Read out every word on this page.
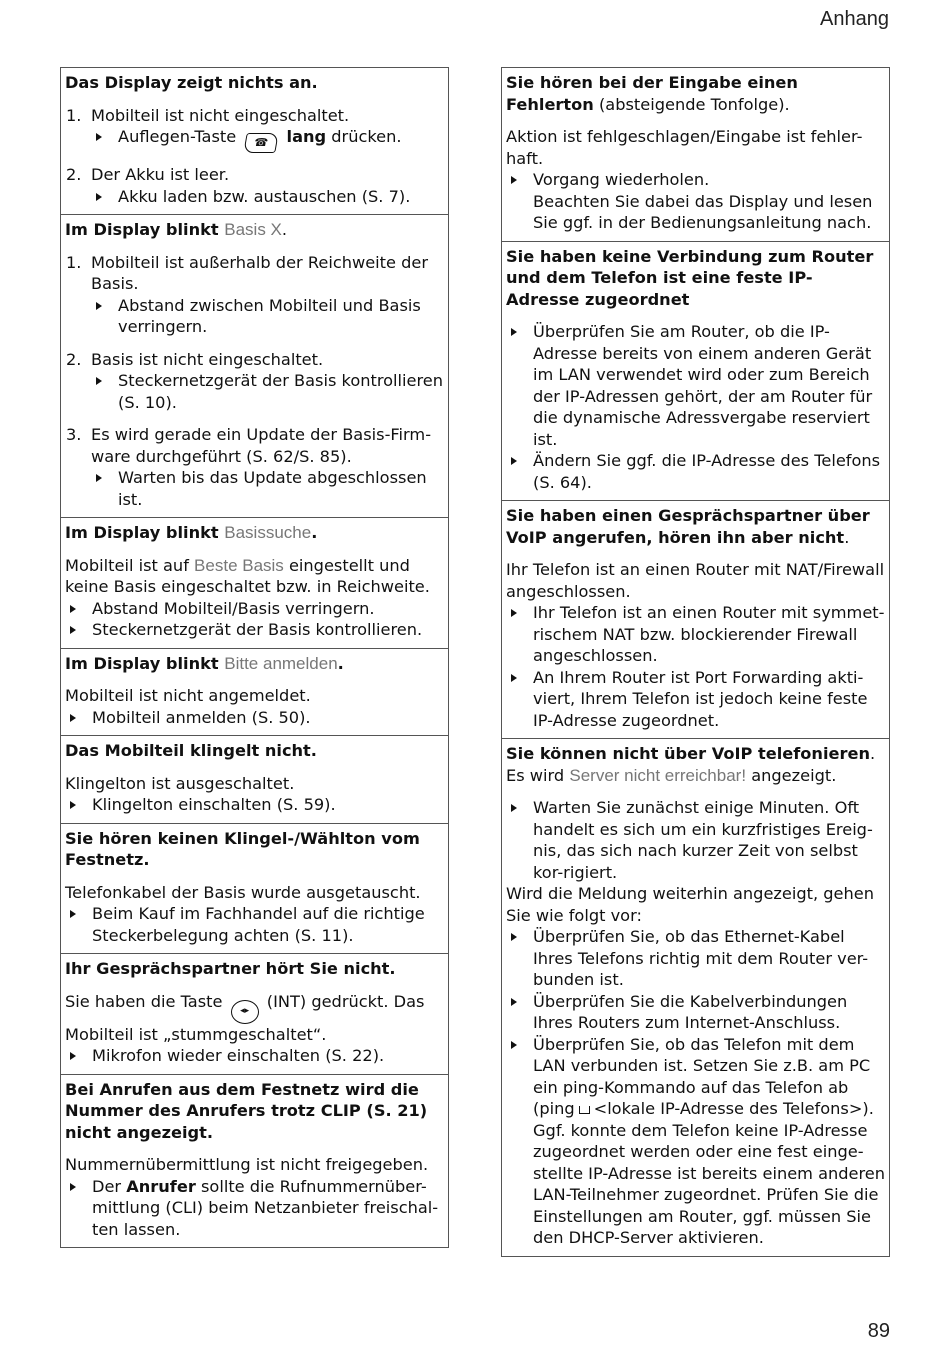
Anhang

Das Display zeigt nichts an.

1. Mobilteil ist nicht eingeschaltet.

Auflegen-Taste ☎ lang drücken.

2. Der Akku ist leer.

Akku laden bzw. austauschen (S. 7).

Im Display blinkt Basis X.

1. Mobilteil ist außerhalb der Reichweite der Basis.

Abstand zwischen Mobilteil und Basis verringern.

2. Basis ist nicht eingeschaltet.

Steckernetzgerät der Basis kontrollieren (S. 10).

3. Es wird gerade ein Update der Basis-Firm-ware durchgeführt (S. 62/S. 85).

Warten bis das Update abgeschlossen ist.

Im Display blinkt Basissuche.

Mobilteil ist auf Beste Basis eingestellt und keine Basis eingeschaltet bzw. in Reichweite.

Abstand Mobilteil/Basis verringern.

Steckernetzgerät der Basis kontrollieren.

Im Display blinkt Bitte anmelden.

Mobilteil ist nicht angemeldet.

Mobilteil anmelden (S. 50).

Das Mobilteil klingelt nicht.

Klingelton ist ausgeschaltet.

Klingelton einschalten (S. 59).

Sie hören keinen Klingel-/Wählton vom Festnetz.

Telefonkabel der Basis wurde ausgetauscht.

Beim Kauf im Fachhandel auf die richtige Steckerbelegung achten (S. 11).

Ihr Gesprächspartner hört Sie nicht.

Sie haben die Taste ◂▸ (INT) gedrückt. Das Mobilteil ist „stummgeschaltet“.

Mikrofon wieder einschalten (S. 22).

Bei Anrufen aus dem Festnetz wird die Nummer des Anrufers trotz CLIP (S. 21) nicht angezeigt.

Nummernübermittlung ist nicht freigegeben.

Der Anrufer sollte die Rufnummernüber-mittlung (CLI) beim Netzanbieter freischal-ten lassen.

Sie hören bei der Eingabe einen Fehlerton (absteigende Tonfolge).

Aktion ist fehlgeschlagen/Eingabe ist fehler-haft.

Vorgang wiederholen.

Beachten Sie dabei das Display und lesen Sie ggf. in der Bedienungsanleitung nach.

Sie haben keine Verbindung zum Router und dem Telefon ist eine feste IP-Adresse zugeordnet

Überprüfen Sie am Router, ob die IP-Adresse bereits von einem anderen Gerät im LAN verwendet wird oder zum Bereich der IP-Adressen gehört, der am Router für die dynamische Adressvergabe reserviert ist.

Ändern Sie ggf. die IP-Adresse des Telefons (S. 64).

Sie haben einen Gesprächspartner über VoIP angerufen, hören ihn aber nicht.

Ihr Telefon ist an einen Router mit NAT/Firewall angeschlossen.

Ihr Telefon ist an einen Router mit symmet-rischem NAT bzw. blockierender Firewall angeschlossen.

An Ihrem Router ist Port Forwarding akti-viert, Ihrem Telefon ist jedoch keine feste IP-Adresse zugeordnet.

Sie können nicht über VoIP telefonieren.

Es wird Server nicht erreichbar! angezeigt.

Warten Sie zunächst einige Minuten. Oft handelt es sich um ein kurzfristiges Ereig-nis, das sich nach kurzer Zeit von selbst kor-rigiert.

Wird die Meldung weiterhin angezeigt, gehen Sie wie folgt vor:

Überprüfen Sie, ob das Ethernet-Kabel Ihres Telefons richtig mit dem Router ver-bunden ist.

Überprüfen Sie die Kabelverbindungen Ihres Routers zum Internet-Anschluss.

Überprüfen Sie, ob das Telefon mit dem LAN verbunden ist. Setzen Sie z.B. am PC ein ping-Kommando auf das Telefon ab (ping <lokale IP-Adresse des Telefons>). Ggf. konnte dem Telefon keine IP-Adresse zugeordnet werden oder eine fest einge-stellte IP-Adresse ist bereits einem anderen LAN-Teilnehmer zugeordnet. Prüfen Sie die Einstellungen am Router, ggf. müssen Sie den DHCP-Server aktivieren.

89
